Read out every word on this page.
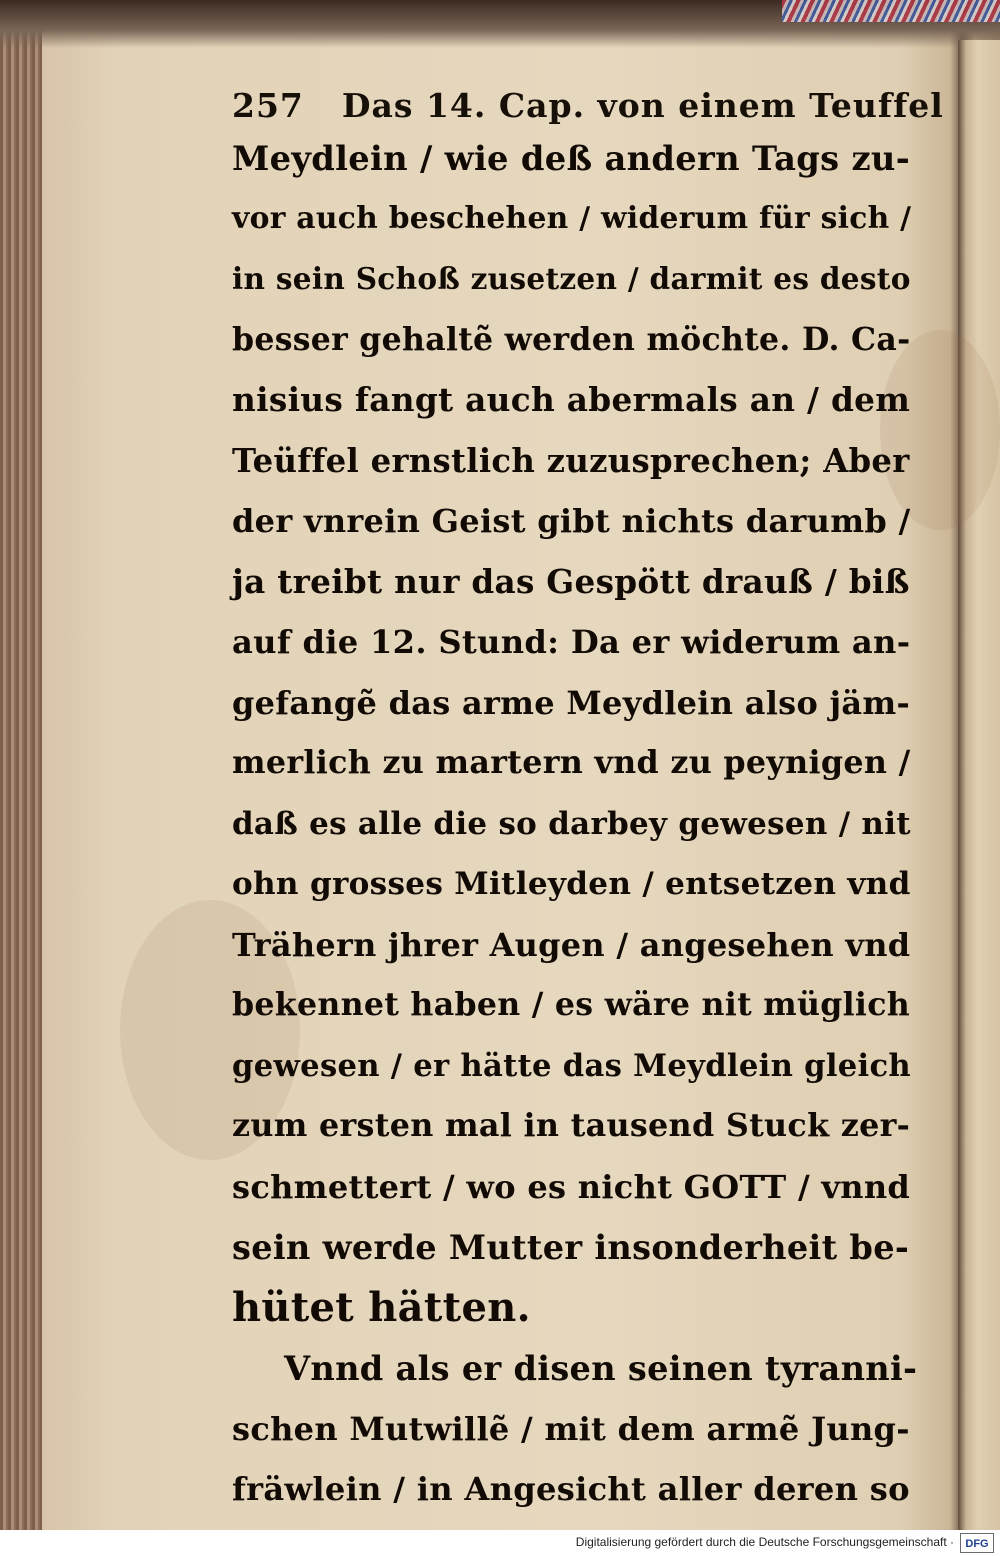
257 Das 14. Cap. von einem Teuffel
Meydlein / wie deß andern Tags zu-
vor auch beschehen / widerum für sich /
in sein Schoß zusetzen / darmit es desto
besser gehaltẽ werden möchte. D. Ca-
nisius fangt auch abermals an / dem
Teüffel ernstlich zuzusprechen; Aber
der vnrein Geist gibt nichts darumb /
ja treibt nur das Gespött drauß / biß
auf die 12. Stund: Da er widerum an-
gefangẽ das arme Meydlein also jäm-
merlich zu martern vnd zu peynigen /
daß es alle die so darbey gewesen / nit
ohn grosses Mitleyden / entsetzen vnd
Trähern jhrer Augen / angesehen vnd
bekennet haben / es wäre nit müglich
gewesen / er hätte das Meydlein gleich
zum ersten mal in tausend Stuck zer-
schmettert / wo es nicht GOTT / vnnd
sein werde Mutter insonderheit be-
hütet hätten.
Vnnd als er disen seinen tyranni-
schen Mutwillẽ / mit dem armẽ Jung-
fräwlein / in Angesicht aller deren so
Digitalisierung gefördert durch die Deutsche Forschungsgemeinschaft ·	DFG
